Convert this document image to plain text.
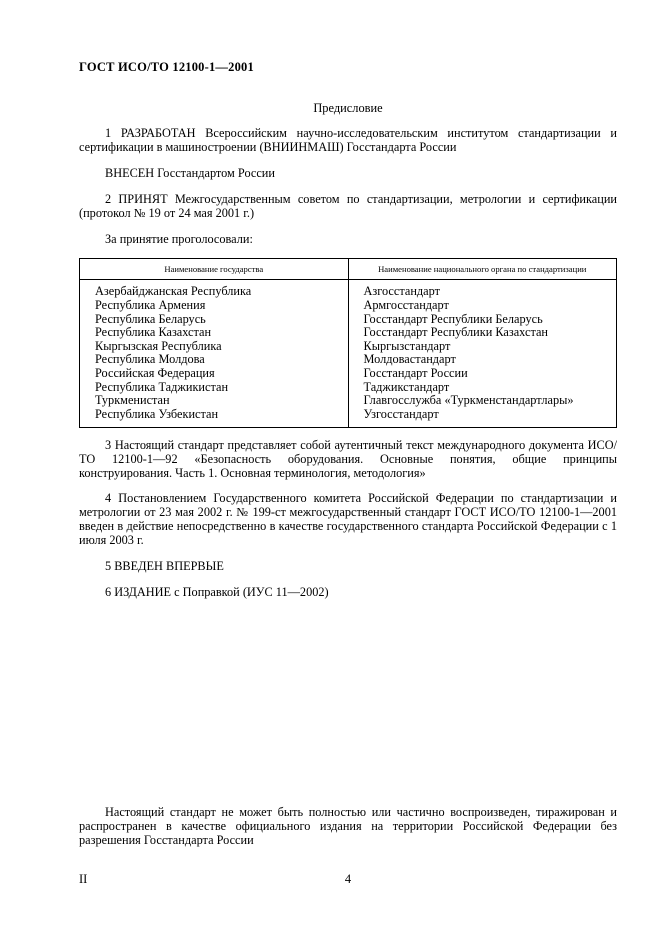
ГОСТ ИСО/ТО 12100-1—2001
Предисловие

1 РАЗРАБОТАН Всероссийским научно-исследовательским институтом стандартизации и сертификации в машиностроении (ВНИИНМАШ) Госстандарта России

ВНЕСЕН Госстандартом России

2 ПРИНЯТ Межгосударственным советом по стандартизации, метрологии и сертификации (протокол № 19 от 24 мая 2001 г.)

За принятие проголосовали:

Наименование государства	Наименование национального органа по стандартизации
Азербайджанская Республика	Азгосстандарт
Республика Армения	Армгосстандарт
Республика Беларусь	Госстандарт Республики Беларусь
Республика Казахстан	Госстандарт Республики Казахстан
Кыргызская Республика	Кыргызстандарт
Республика Молдова	Молдовастандарт
Российская Федерация	Госстандарт России
Республика Таджикистан	Таджикстандарт
Туркменистан	Главгосслужба «Туркменстандартлары»
Республика Узбекистан	Узгосстандарт

3 Настоящий стандарт представляет собой аутентичный текст международного документа ИСО/ТО 12100-1—92 «Безопасность оборудования. Основные понятия, общие принципы конструирования. Часть 1. Основная терминология, методология»

4 Постановлением Государственного комитета Российской Федерации по стандартизации и метрологии от 23 мая 2002 г. № 199-ст межгосударственный стандарт ГОСТ ИСО/ТО 12100-1—2001 введен в действие непосредственно в качестве государственного стандарта Российской Федерации с 1 июля 2003 г.

5 ВВЕДЕН ВПЕРВЫЕ

6 ИЗДАНИЕ с Поправкой (ИУС 11—2002)

Настоящий стандарт не может быть полностью или частично воспроизведен, тиражирован и распространен в качестве официального издания на территории Российской Федерации без разрешения Госстандарта России
4
II
